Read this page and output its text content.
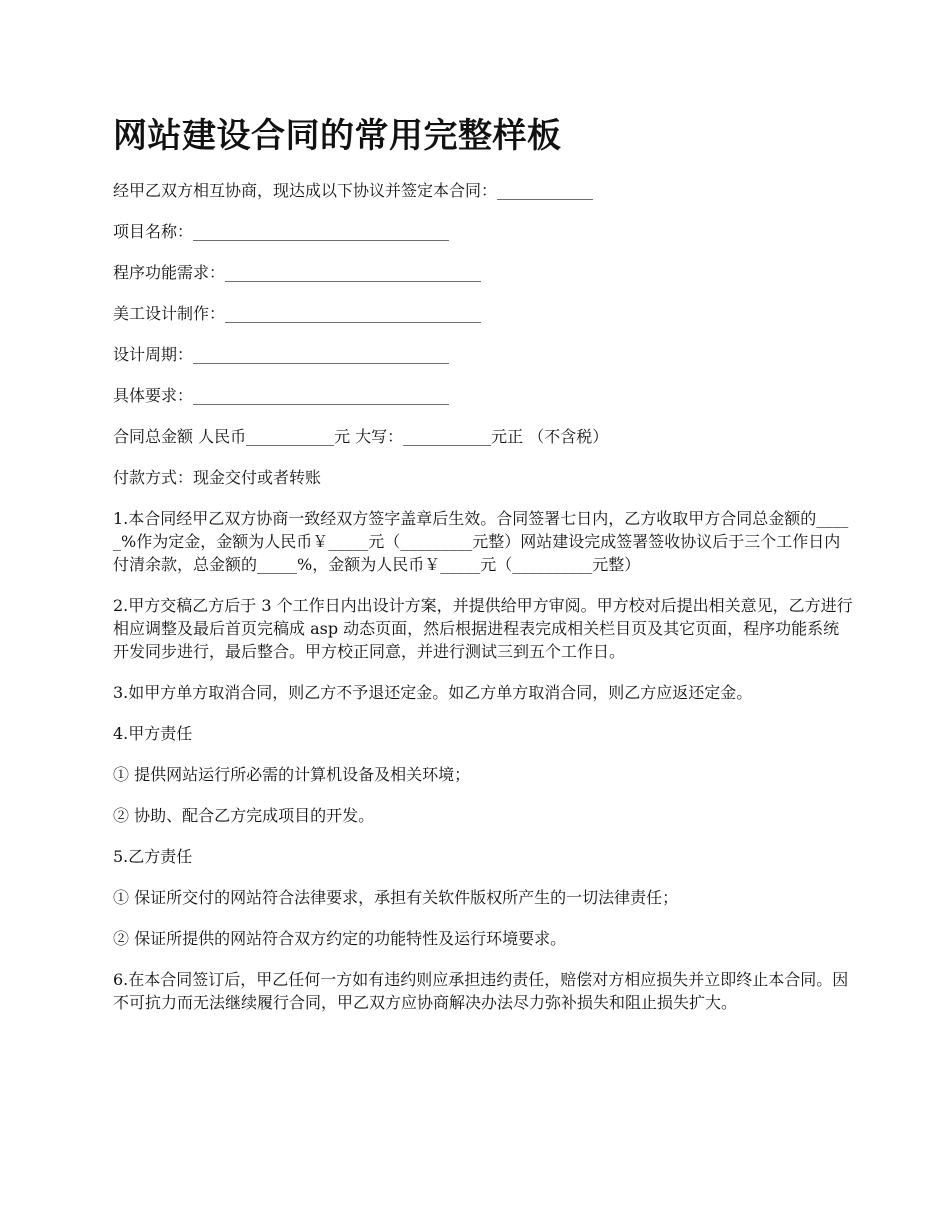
网站建设合同的常用完整样板

经甲乙双方相互协商，现达成以下协议并签定本合同：____________

项目名称：________________________________

程序功能需求：________________________________

美工设计制作：________________________________

设计周期：________________________________

具体要求：________________________________

合同总金额 人民币___________元 大写：___________元正 （不含税）

付款方式：现金交付或者转账

1.本合同经甲乙双方协商一致经双方签字盖章后生效。合同签署七日内，乙方收取甲方合同总金额的_____%作为定金，金额为人民币￥_____元（_________元整）网站建设完成签署签收协议后于三个工作日内付清余款，总金额的_____%，金额为人民币￥_____元（__________元整）

2.甲方交稿乙方后于 3 个工作日内出设计方案，并提供给甲方审阅。甲方校对后提出相关意见，乙方进行相应调整及最后首页完稿成 asp 动态页面，然后根据进程表完成相关栏目页及其它页面，程序功能系统开发同步进行，最后整合。甲方校正同意，并进行测试三到五个工作日。

3.如甲方单方取消合同，则乙方不予退还定金。如乙方单方取消合同，则乙方应返还定金。

4.甲方责任

① 提供网站运行所必需的计算机设备及相关环境；

② 协助、配合乙方完成项目的开发。

5.乙方责任

① 保证所交付的网站符合法律要求，承担有关软件版权所产生的一切法律责任；

② 保证所提供的网站符合双方约定的功能特性及运行环境要求。

6.在本合同签订后，甲乙任何一方如有违约则应承担违约责任，赔偿对方相应损失并立即终止本合同。因不可抗力而无法继续履行合同，甲乙双方应协商解决办法尽力弥补损失和阻止损失扩大。
